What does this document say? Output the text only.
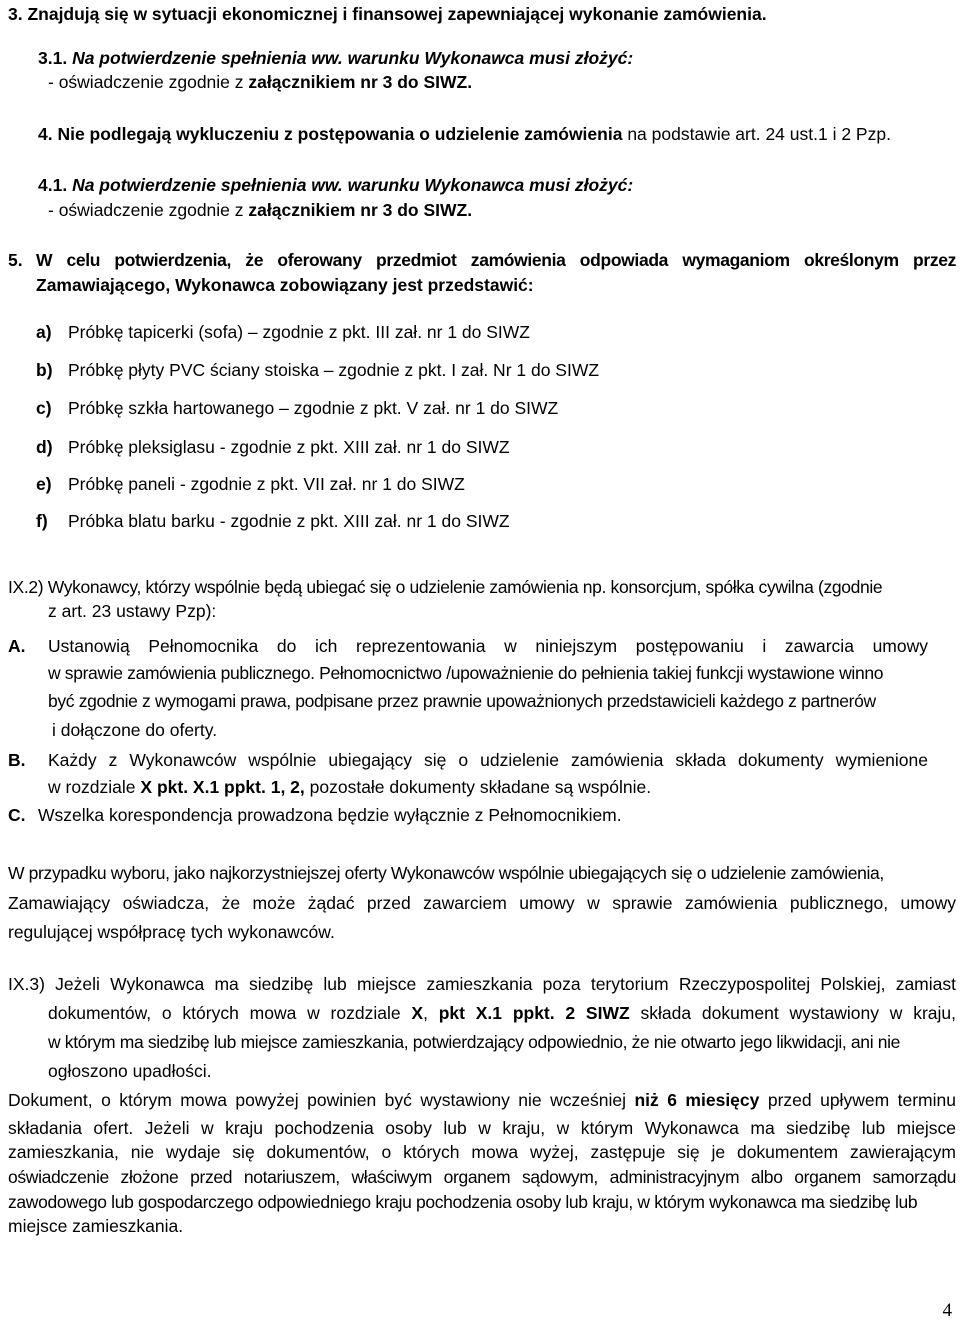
3. Znajdują się w sytuacji ekonomicznej i finansowej zapewniającej wykonanie zamówienia.
3.1. Na potwierdzenie spełnienia ww. warunku Wykonawca musi złożyć:
- oświadczenie zgodnie z załącznikiem nr 3 do SIWZ.
4. Nie podlegają wykluczeniu z postępowania o udzielenie zamówienia na podstawie art. 24 ust.1 i 2 Pzp.
4.1. Na potwierdzenie spełnienia ww. warunku Wykonawca musi złożyć:
- oświadczenie zgodnie z załącznikiem nr 3 do SIWZ.
5. W celu potwierdzenia, że oferowany przedmiot zamówienia odpowiada wymaganiom określonym przez
Zamawiającego, Wykonawca zobowiązany jest przedstawić:
a) Próbkę tapicerki (sofa) – zgodnie z pkt. III zał. nr 1 do SIWZ
b) Próbkę płyty PVC ściany stoiska – zgodnie z pkt. I zał. Nr 1 do SIWZ
c) Próbkę szkła hartowanego – zgodnie z pkt. V zał. nr 1 do SIWZ
d) Próbkę pleksiglasu - zgodnie z pkt. XIII zał. nr 1 do SIWZ
e) Próbkę paneli - zgodnie z pkt. VII zał. nr 1 do SIWZ
f) Próbka blatu barku - zgodnie z pkt. XIII zał. nr 1 do SIWZ
IX.2) Wykonawcy, którzy wspólnie będą ubiegać się o udzielenie zamówienia np. konsorcjum, spółka cywilna (zgodnie
z art. 23 ustawy Pzp):
A. Ustanowią Pełnomocnika do ich reprezentowania w niniejszym postępowaniu i zawarcia umowy
w sprawie zamówienia publicznego. Pełnomocnictwo /upoważnienie do pełnienia takiej funkcji wystawione winno
być zgodnie z wymogami prawa, podpisane przez prawnie upoważnionych przedstawicieli każdego z partnerów
i dołączone do oferty.
B. Każdy z Wykonawców wspólnie ubiegający się o udzielenie zamówienia składa dokumenty wymienione
w rozdziale X pkt. X.1 ppkt. 1, 2, pozostałe dokumenty składane są wspólnie.
C. Wszelka korespondencja prowadzona będzie wyłącznie z Pełnomocnikiem.
W przypadku wyboru, jako najkorzystniejszej oferty Wykonawców wspólnie ubiegających się o udzielenie zamówienia,
Zamawiający oświadcza, że może żądać przed zawarciem umowy w sprawie zamówienia publicznego, umowy
regulującej współpracę tych wykonawców.
IX.3) Jeżeli Wykonawca ma siedzibę lub miejsce zamieszkania poza terytorium Rzeczypospolitej Polskiej, zamiast
dokumentów, o których mowa w rozdziale X, pkt X.1 ppkt. 2 SIWZ składa dokument wystawiony w kraju,
w którym ma siedzibę lub miejsce zamieszkania, potwierdzający odpowiednio, że nie otwarto jego likwidacji, ani nie
ogłoszono upadłości.
Dokument, o którym mowa powyżej powinien być wystawiony nie wcześniej niż 6 miesięcy przed upływem terminu
składania ofert. Jeżeli w kraju pochodzenia osoby lub w kraju, w którym Wykonawca ma siedzibę lub miejsce
zamieszkania, nie wydaje się dokumentów, o których mowa wyżej, zastępuje się je dokumentem zawierającym
oświadczenie złożone przed notariuszem, właściwym organem sądowym, administracyjnym albo organem samorządu
zawodowego lub gospodarczego odpowiedniego kraju pochodzenia osoby lub kraju, w którym wykonawca ma siedzibę lub
miejsce zamieszkania.
4
